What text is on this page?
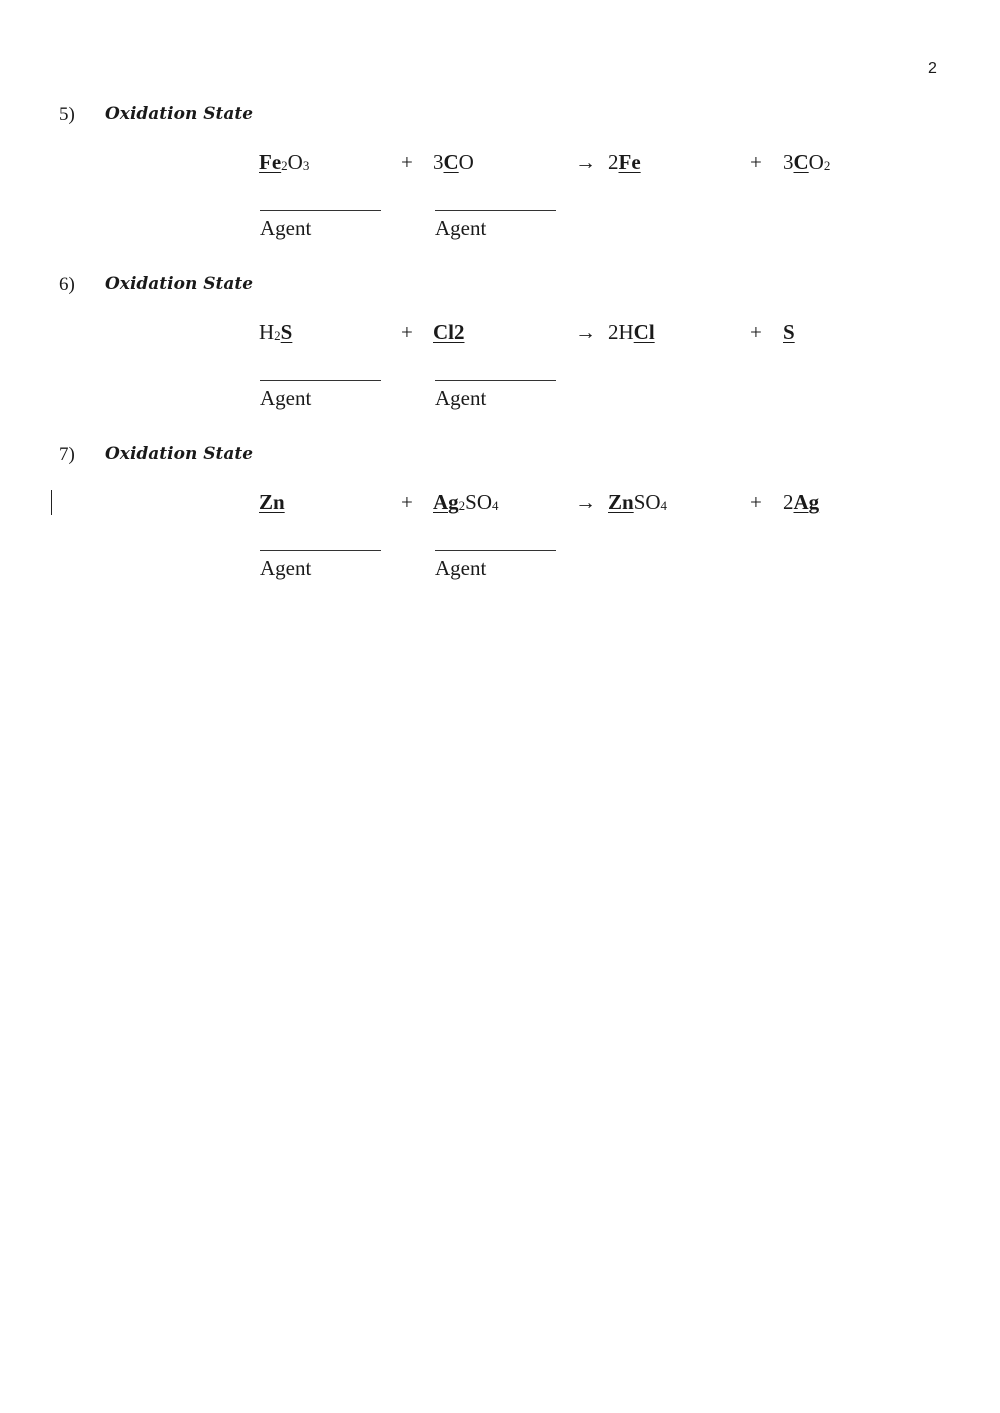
2
5) Oxidation State
$Fe_2O_3$	3CO	2Fe	$3CO_2$
+	→	+
Agent	Agent
6) Oxidation State
$H_2S$	Cl2	2HCl	S
+	→	+
Agent	Agent
7) Oxidation State
Zn	$Ag_2SO_4$	ZnSO$_4$	2Ag
+	→	+
Agent	Agent
